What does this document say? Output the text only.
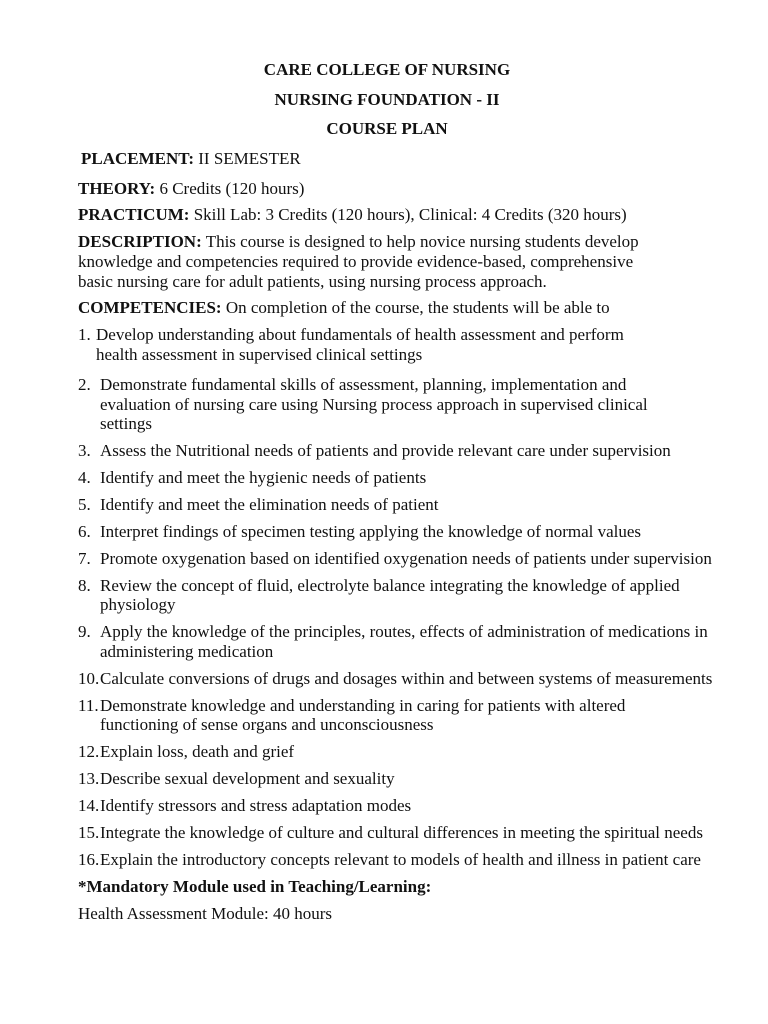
CARE COLLEGE OF NURSING
NURSING FOUNDATION - II
COURSE PLAN
PLACEMENT: II SEMESTER
THEORY: 6 Credits (120 hours)
PRACTICUM: Skill Lab: 3 Credits (120 hours), Clinical: 4 Credits (320 hours)
DESCRIPTION: This course is designed to help novice nursing students develop
knowledge and competencies required to provide evidence-based, comprehensive
basic nursing care for adult patients, using nursing process approach.
COMPETENCIES: On completion of the course, the students will be able to
1. Develop understanding about fundamentals of health assessment and perform
health assessment in supervised clinical settings
2. Demonstrate fundamental skills of assessment, planning, implementation and
evaluation of nursing care using Nursing process approach in supervised clinical
settings
3. Assess the Nutritional needs of patients and provide relevant care under supervision
4. Identify and meet the hygienic needs of patients
5. Identify and meet the elimination needs of patient
6. Interpret findings of specimen testing applying the knowledge of normal values
7. Promote oxygenation based on identified oxygenation needs of patients under supervision
8. Review the concept of fluid, electrolyte balance integrating the knowledge of applied
physiology
9. Apply the knowledge of the principles, routes, effects of administration of medications in
administering medication
10. Calculate conversions of drugs and dosages within and between systems of measurements
11. Demonstrate knowledge and understanding in caring for patients with altered
functioning of sense organs and unconsciousness
12. Explain loss, death and grief
13. Describe sexual development and sexuality
14. Identify stressors and stress adaptation modes
15. Integrate the knowledge of culture and cultural differences in meeting the spiritual needs
16. Explain the introductory concepts relevant to models of health and illness in patient care
*Mandatory Module used in Teaching/Learning:
Health Assessment Module: 40 hours
